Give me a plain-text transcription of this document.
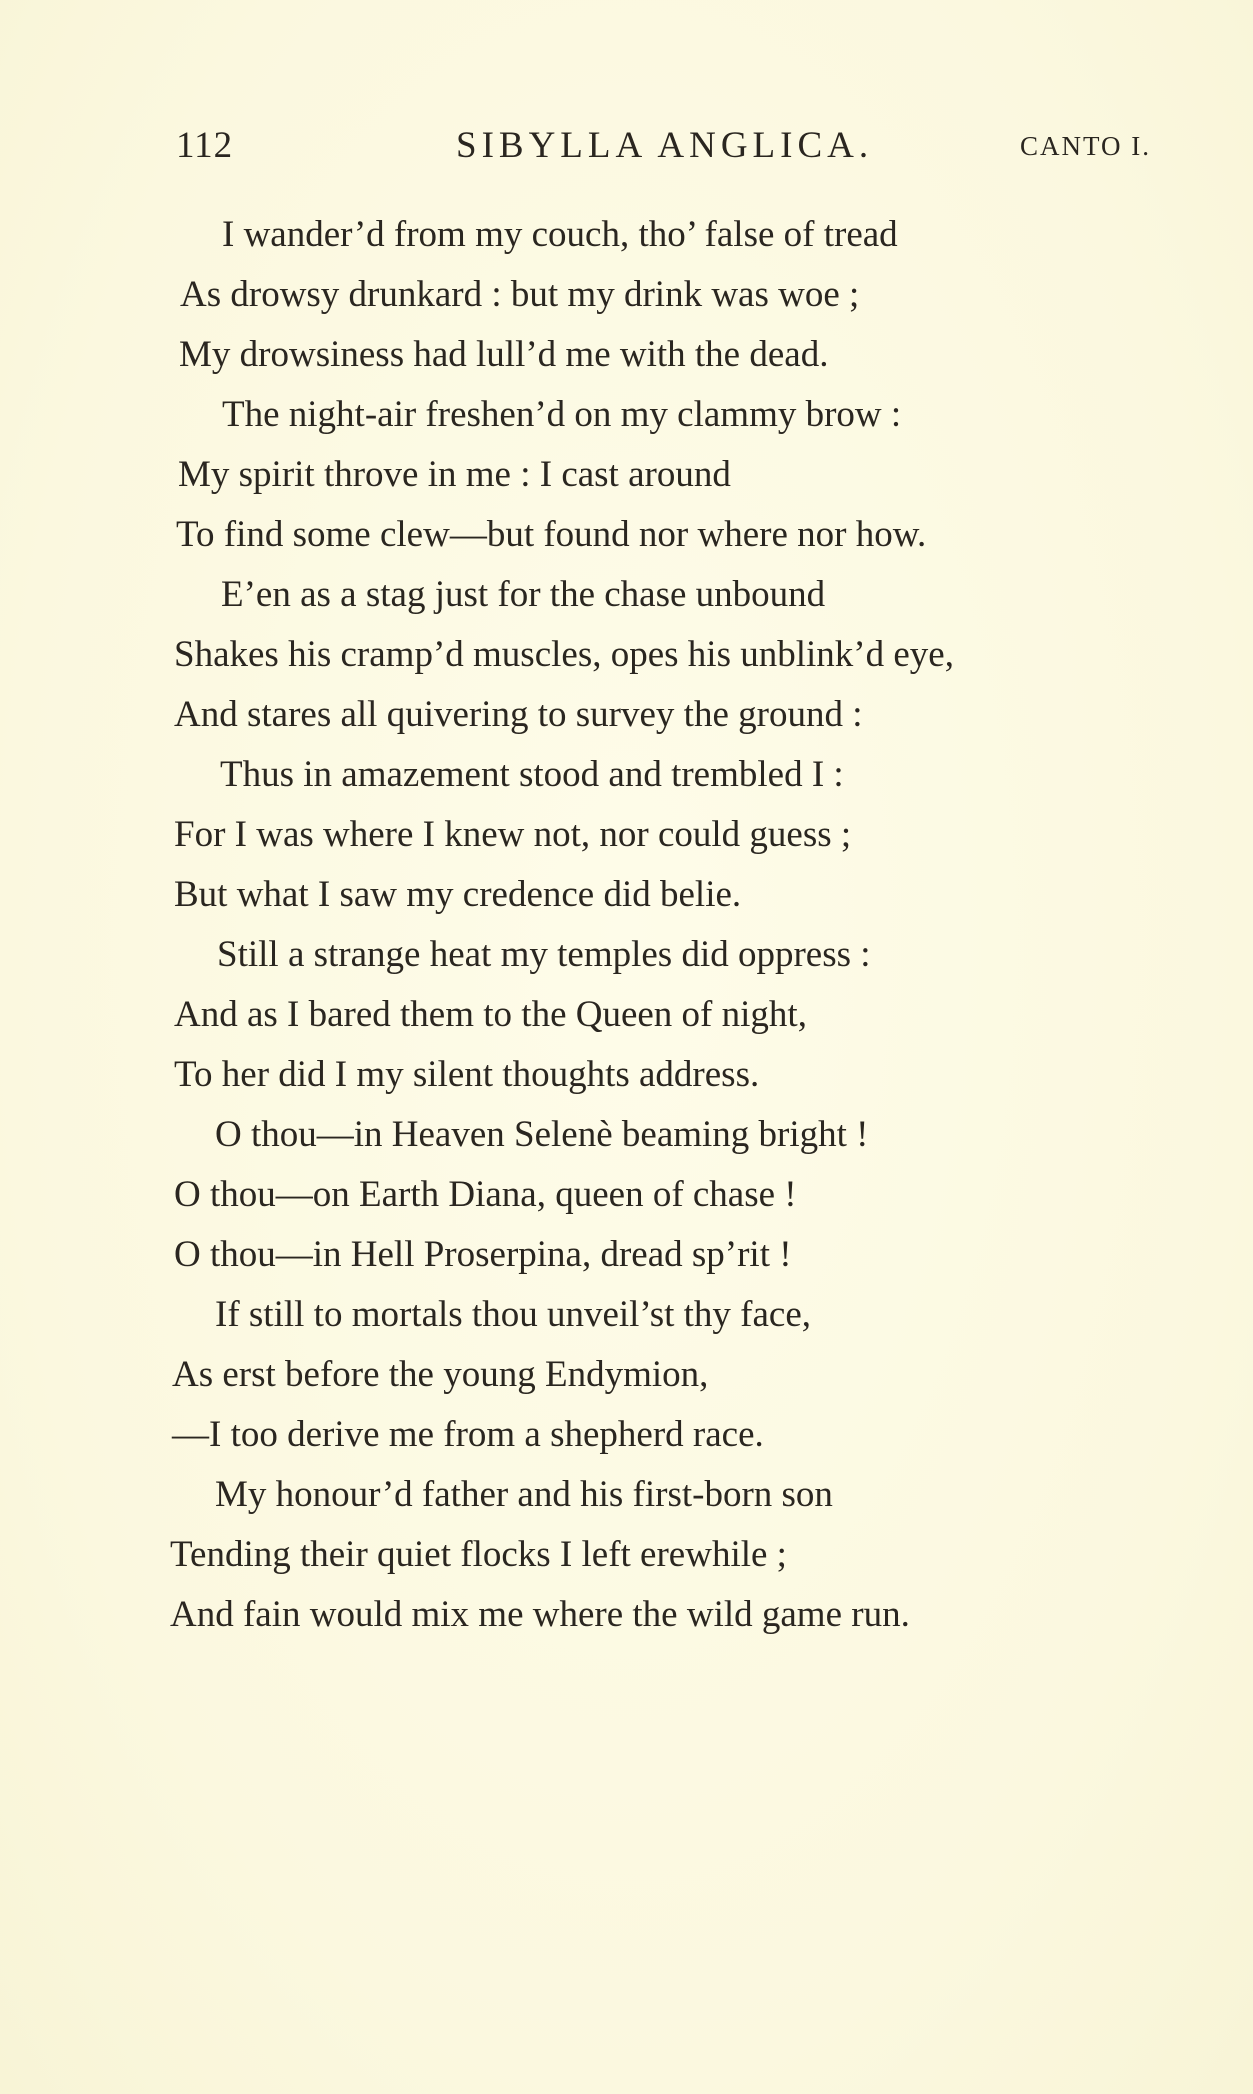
112	SIBYLLA ANGLICA.	CANTO I.
I wander’d from my couch, tho’ false of tread
As drowsy drunkard : but my drink was woe ;
My drowsiness had lull’d me with the dead.
The night-air freshen’d on my clammy brow :
My spirit throve in me : I cast around
To find some clew—but found nor where nor how.
E’en as a stag just for the chase unbound
Shakes his cramp’d muscles, opes his unblink’d eye,
And stares all quivering to survey the ground :
Thus in amazement stood and trembled I :
For I was where I knew not, nor could guess ;
But what I saw my credence did belie.
Still a strange heat my temples did oppress :
And as I bared them to the Queen of night,
To her did I my silent thoughts address.
O thou—in Heaven Selenè beaming bright !
O thou—on Earth Diana, queen of chase !
O thou—in Hell Proserpina, dread sp’rit !
If still to mortals thou unveil’st thy face,
As erst before the young Endymion,
—I too derive me from a shepherd race.
My honour’d father and his first-born son
Tending their quiet flocks I left erewhile ;
And fain would mix me where the wild game run.
